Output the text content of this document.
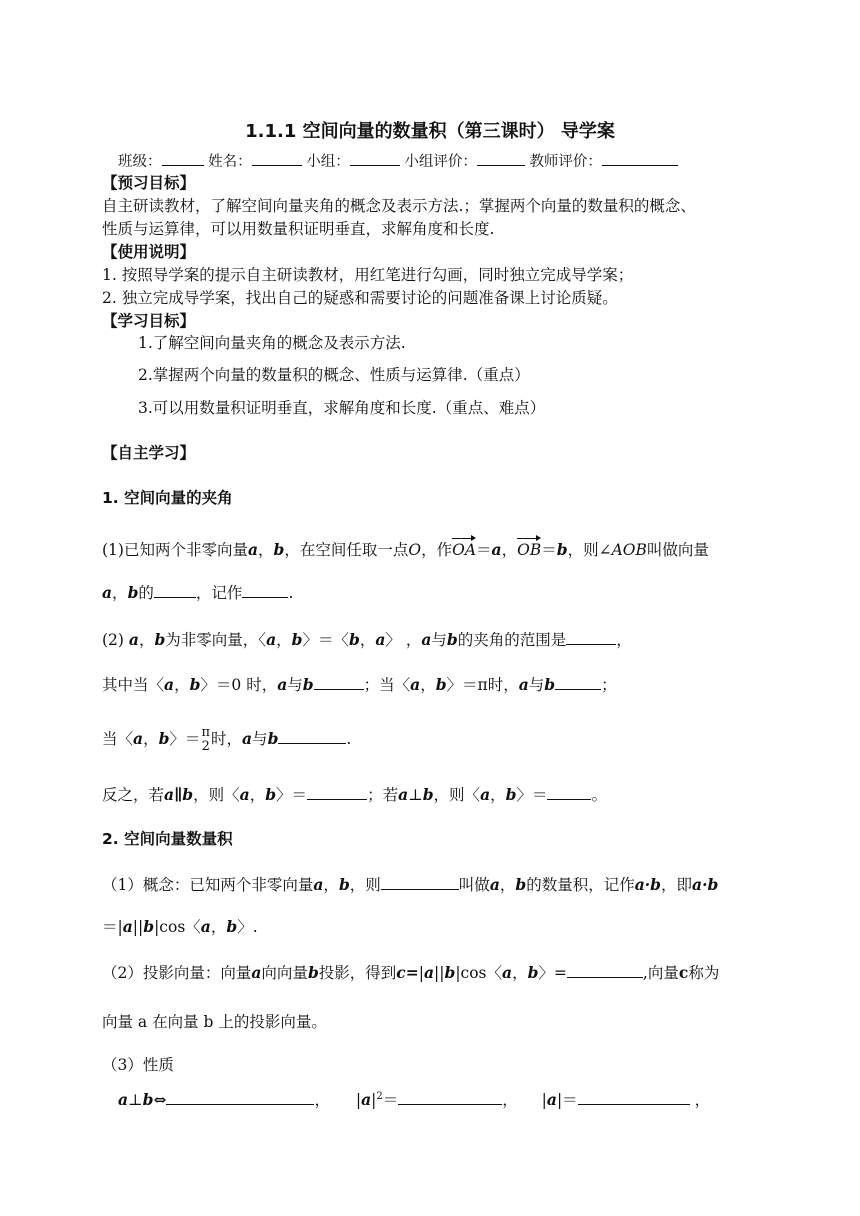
1.1.1 空间向量的数量积（第三课时） 导学案
班级：	姓名：	小组：	小组评价：	教师评价：
【预习目标】
自主研读教材，了解空间向量夹角的概念及表示方法.；掌握两个向量的数量积的概念、
性质与运算律，可以用数量积证明垂直，求解角度和长度.
【使用说明】
1. 按照导学案的提示自主研读教材，用红笔进行勾画，同时独立完成导学案；
2. 独立完成导学案，找出自己的疑惑和需要讨论的问题准备课上讨论质疑。
【学习目标】
1.了解空间向量夹角的概念及表示方法.
2.掌握两个向量的数量积的概念、性质与运算律.（重点）
3.可以用数量积证明垂直，求解角度和长度.（重点、难点）
【自主学习】
1. 空间向量的夹角
(1)已知两个非零向量a，b，在空间任取一点O，作OA＝a，OB＝b，则∠AOB叫做向量
a，b的	，记作	.
(2) a，b为非零向量，〈a，b〉＝〈b，a〉 ，a与b的夹角的范围是	，
其中当〈a，b〉＝0 时，a与b	；当〈a，b〉＝π时，a与b	；
当〈a，b〉＝ π
2 时，a与b	.
反之，若a∥b，则〈a，b〉＝	；若a⊥b，则〈a，b〉＝	。
2. 空间向量数量积
（1）概念：已知两个非零向量a，b，则	叫做a，b的数量积，记作a·b，即a·b
＝|a||b|cos〈a，b〉.
（2）投影向量：向量a向向量b投影，得到c=|a||b|cos〈a，b〉=	,向量c称为
向量 a 在向量 b 上的投影向量。
（3）性质
a⊥b⇔	， $|a|^2=$	， |a|＝	，
